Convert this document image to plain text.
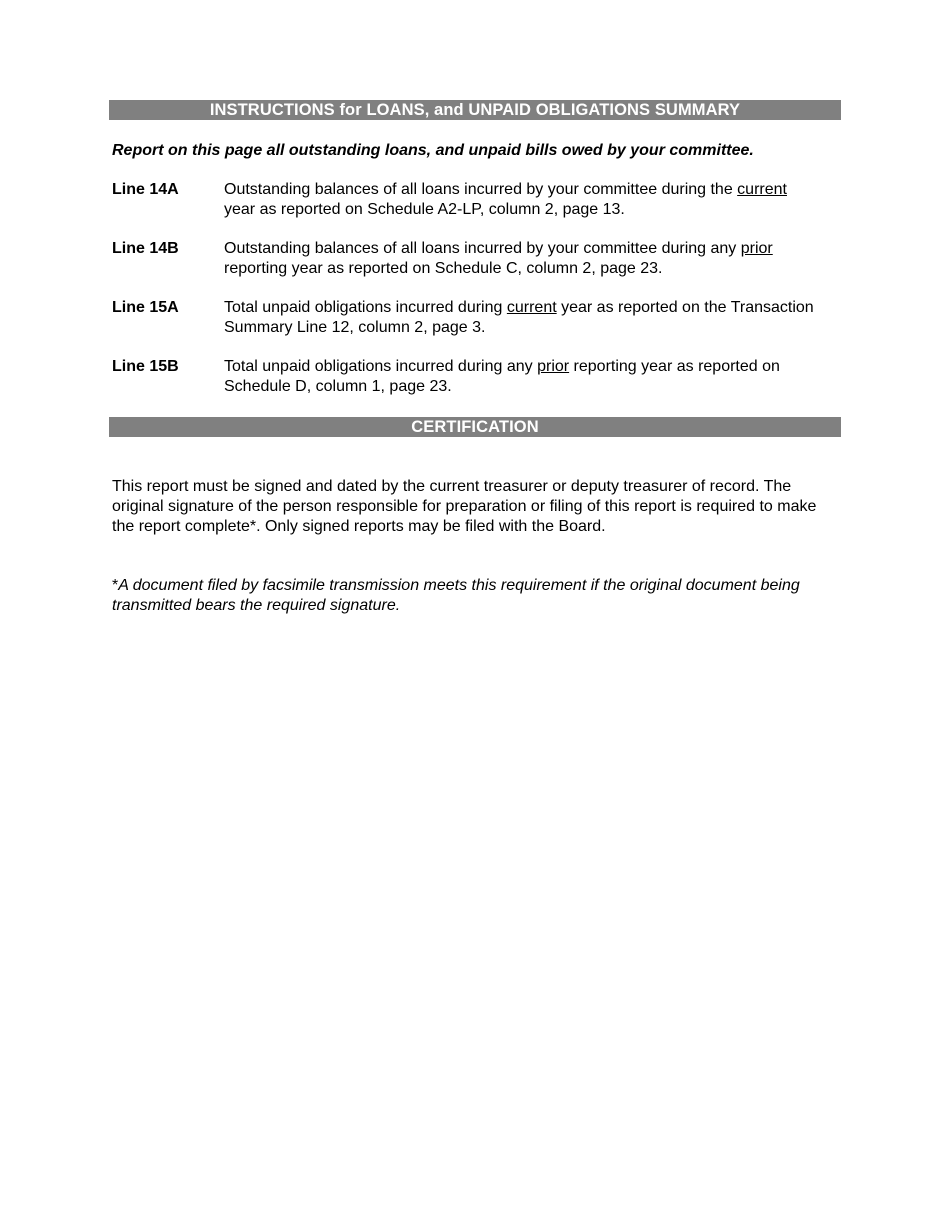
INSTRUCTIONS for LOANS, and UNPAID OBLIGATIONS SUMMARY
Report on this page all outstanding loans, and unpaid bills owed by your committee.
Line 14A	Outstanding balances of all loans incurred by your committee during the current year as reported on Schedule A2-LP, column 2, page 13.
Line 14B	Outstanding balances of all loans incurred by your committee during any prior reporting year as reported on Schedule C, column 2, page 23.
Line 15A	Total unpaid obligations incurred during current year as reported on the Transaction Summary Line 12, column 2, page 3.
Line 15B	Total unpaid obligations incurred during any prior reporting year as reported on Schedule D, column 1, page 23.
CERTIFICATION
This report must be signed and dated by the current treasurer or deputy treasurer of record. The original signature of the person responsible for preparation or filing of this report is required to make the report complete*. Only signed reports may be filed with the Board.
*A document filed by facsimile transmission meets this requirement if the original document being transmitted bears the required signature.
